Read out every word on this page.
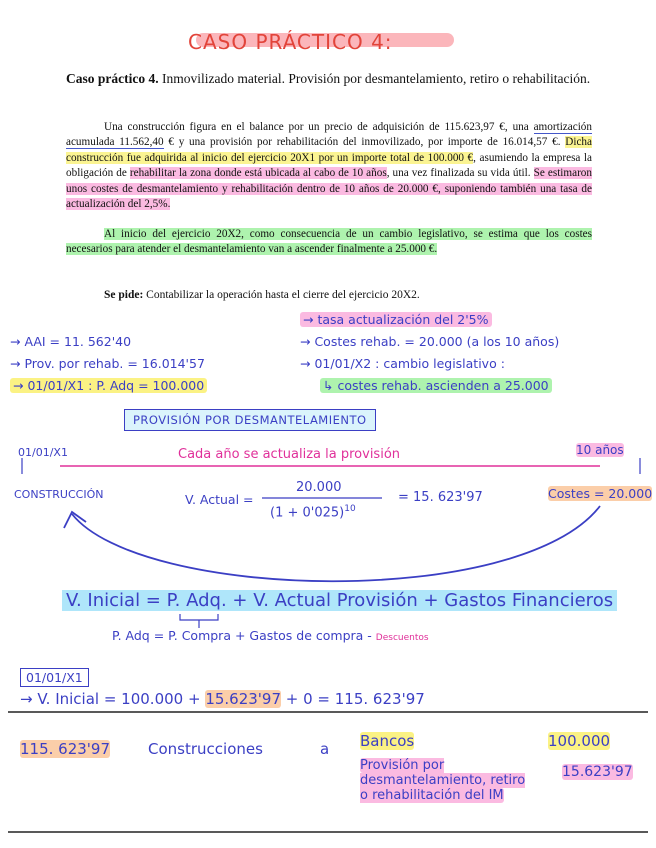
CASO PRÁCTICO 4:
Caso práctico 4. Inmovilizado material. Provisión por desmantelamiento, retiro o rehabilitación.
Una construcción figura en el balance por un precio de adquisición de 115.623,97 €, una amortización acumulada 11.562,40 € y una provisión por rehabilitación del inmovilizado, por importe de 16.014,57 €. Dicha construcción fue adquirida al inicio del ejercicio 20X1 por un importe total de 100.000 €, asumiendo la empresa la obligación de rehabilitar la zona donde está ubicada al cabo de 10 años, una vez finalizada su vida útil. Se estimaron unos costes de desmantelamiento y rehabilitación dentro de 10 años de 20.000 €, suponiendo también una tasa de actualización del 2,5%.
Al inicio del ejercicio 20X2, como consecuencia de un cambio legislativo, se estima que los costes necesarios para atender el desmantelamiento van a ascender finalmente a 25.000 €.
Se pide: Contabilizar la operación hasta el cierre del ejercicio 20X2.
→ AAI = 11. 562'40
→ Prov. por rehab. = 16.014'57
→ 01/01/X1 : P. Adq = 100.000
→ tasa actualización del 2'5%
→ Costes rehab. = 20.000 (a los 10 años)
→ 01/01/X2 : cambio legislativo :
↳ costes rehab. ascienden a 25.000
PROVISIÓN POR DESMANTELAMIENTO
01/01/X1	10 años
Cada año se actualiza la provisión
CONSTRUCCIÓN	V. Actual =
20.000
$(1 + 0'025)^{10}$
= 15. 623'97	Costes = 20.000
V. Inicial = P. Adq. + V. Actual Provisión + Gastos Financieros
P. Adq = P. Compra + Gastos de compra - Descuentos
01/01/X1
→ V. Inicial = 100.000 + 15.623'97 + 0 = 115. 623'97
115. 623'97	Construcciones	a Bancos	100.000
Provisión por desmantelamiento, retiro o rehabilitación del IM
15.623'97
